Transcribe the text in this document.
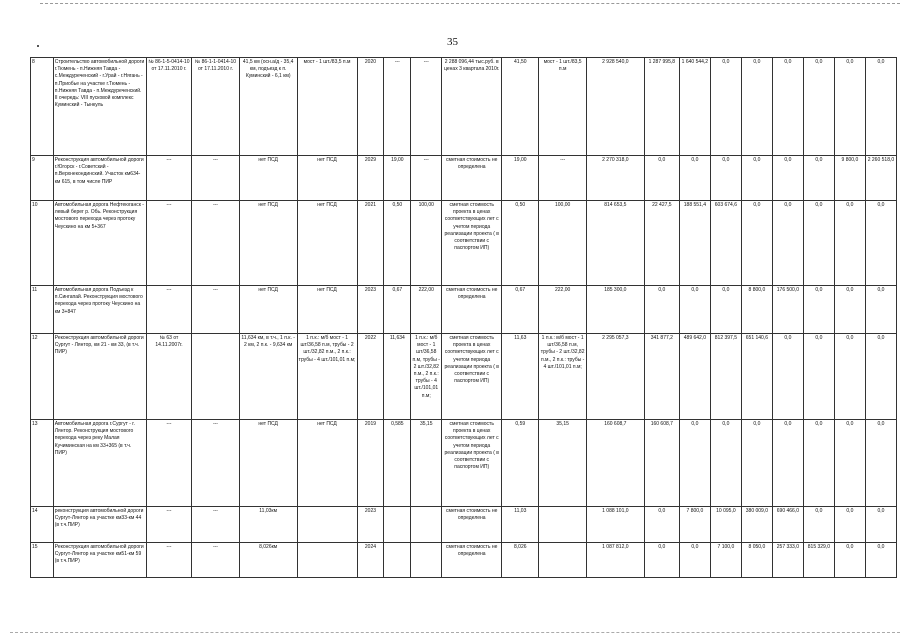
35
8	Строительство автомобильной дороги г.Тюмень - п.Нижняя Тавда - с.Междуреченский - г.Урай - г.Нягань - п.Приобье на участке г.Тюмень - п.Нижняя Тавда - п.Междуреченский. II очередь: VIII пусковой комплекс Куминский - Тынкуль	№ 86-1-5-0414-10 от 17.11.2010 г.	№ 86-1-1-0414-10 от 17.11.2010 г.	41,5 км (осн.а/д - 35,4 км, подъезд к п. Куминский - 6,1 км)	мост - 1 шт./83,5 п.м	2020	---	---	2 288 096,44 тыс.руб. в ценах 3 квартала 2010г.	41,50	мост - 1 шт./83,5 п.м	2 928 540,0	1 287 995,8	1 640 544,2	0,0	0,0	0,0	0,0	0,0	0,0
9	Реконструкция автомобильной дороги г.Югорск - г.Советский - п.Верхнекондинский. Участок км634-км 615, в том числе ПИР	---	---	нет ПСД	нет ПСД	2029	19,00	---	сметная стоимость не определена	19,00	---	2 270 318,0	0,0	0,0	0,0	0,0	0,0	0,0	9 800,0	2 260 518,0
10	Автомобильная дорога Нефтеюганск - левый берег р. Обь. Реконструкция мостового перехода через протоку Чеускино на км 5+367	---	---	нет ПСД	нет ПСД	2021	0,50	100,00	сметная стоимость проекта в ценах соответствующих лет с учетом периода реализации проекта ( в соответствии с паспортом ИП)	0,50	100,00	814 653,5	22 427,5	188 551,4	603 674,6	0,0	0,0	0,0	0,0	0,0
11	Автомобильная дорога Подъезд к п.Сингапай. Реконструкция мостового перехода через протоку Чеускино на км 3+847	---	---	нет ПСД	нет ПСД	2023	0,67	222,00	сметная стоимость не определена	0,67	222,00	185 300,0	0,0	0,0	0,0	8 800,0	176 500,0	0,0	0,0	0,0
12	Реконструкция автомобильной дороги Сургут - Лянтор, км 21 - км 33, (в т.ч. ПИР)	№ 63 от 14.11.2007г.		11,634 км, в т.ч., 1 п.к. - 2 км, 2 п.к. - 9,634 км	1 п.к.: м/б мост - 1 шт/36,58 п.м, трубы - 2 шт./32,82 п.м., 2 п.к.: трубы - 4 шт./101,01 п.м;	2022	11,634	1 п.к.: м/б мост - 1 шт/36,58 п.м, трубы - 2 шт./32,82 п.м., 2 п.к.: трубы - 4 шт./101,01 п.м;	сметная стоимость проекта в ценах соответствующих лет с учетом периода реализации проекта ( в соответствии с паспортом ИП)	11,63	1 п.к.: м/б мост - 1 шт/36,58 п.м, трубы - 2 шт./32,82 п.м., 2 п.к.: трубы - 4 шт./101,01 п.м;	2 295 057,3	341 877,2	489 642,0	812 397,5	651 140,6	0,0	0,0	0,0	0,0
13	Автомобильная дорога г.Сургут - г. Лянтор. Реконструкция мостового перехода через реку Малая Кучиминская на км 33+365 (в т.ч. ПИР)	---	---	нет ПСД	нет ПСД	2019	0,585	35,15	сметная стоимость проекта в ценах соответствующих лет с учетом периода реализации проекта ( в соответствии с паспортом ИП)	0,59	35,15	160 608,7	160 608,7	0,0	0,0	0,0	0,0	0,0	0,0	0,0
14	реконструкция автомобильной дороги Сургут-Лянтор на участке км33-км 44 (в т.ч.ПИР)	---	---	11,03км		2023			сметная стоимость не определена	11,03		1 088 101,0	0,0	7 800,0	10 095,0	380 009,0	690 466,0	0,0	0,0	0,0
15	Реконструкция автомобильной дороги Сургут-Лянтор на участке км51-км 59 (в т.ч.ПИР)	---	---	8,026км		2024			сметная стоимость не определена	8,026		1 087 812,0	0,0	0,0	7 100,0	8 050,0	257 333,0	815 329,0	0,0	0,0
